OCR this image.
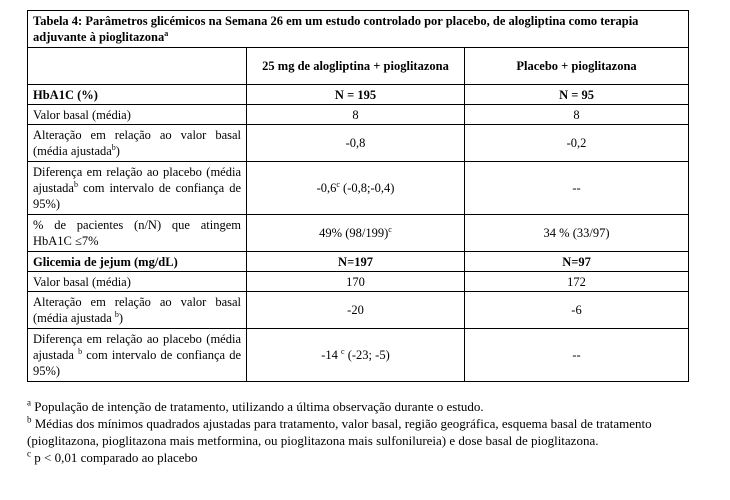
Tabela 4: Parâmetros glicémicos na Semana 26 em um estudo controlado por placebo, de alogliptina como terapia adjuvante à pioglitazona$^a$
	25 mg de alogliptina + pioglitazona	Placebo + pioglitazona
HbA1C (%)	N = 195	N = 95
Valor basal (média)	8	8
Alteração em relação ao valor basal (média ajustada$^b$)	-0,8	-0,2
Diferença em relação ao placebo (média ajustada$^b$ com intervalo de confiança de 95%)	-0,6$^c$ (-0,8;-0,4)	--
% de pacientes (n/N) que atingem HbA1C ≤7%	49% $(98/199)^c$	34 % (33/97)
Glicemia de jejum (mg/dL)	N=197	N=97
Valor basal (média)	170	172
Alteração em relação ao valor basal (média ajustada $^b$)	-20	-6
Diferença em relação ao placebo (média ajustada $^b$ com intervalo de confiança de 95%)	-14 $^c$ (-23; -5)	--

$^a$ População de intenção de tratamento, utilizando a última observação durante o estudo.

$^b$ Médias dos mínimos quadrados ajustadas para tratamento, valor basal, região geográfica, esquema basal de tratamento (pioglitazona, pioglitazona mais metformina, ou pioglitazona mais sulfonilureia) e dose basal de pioglitazona.

$^c$ p < 0,01 comparado ao placebo
